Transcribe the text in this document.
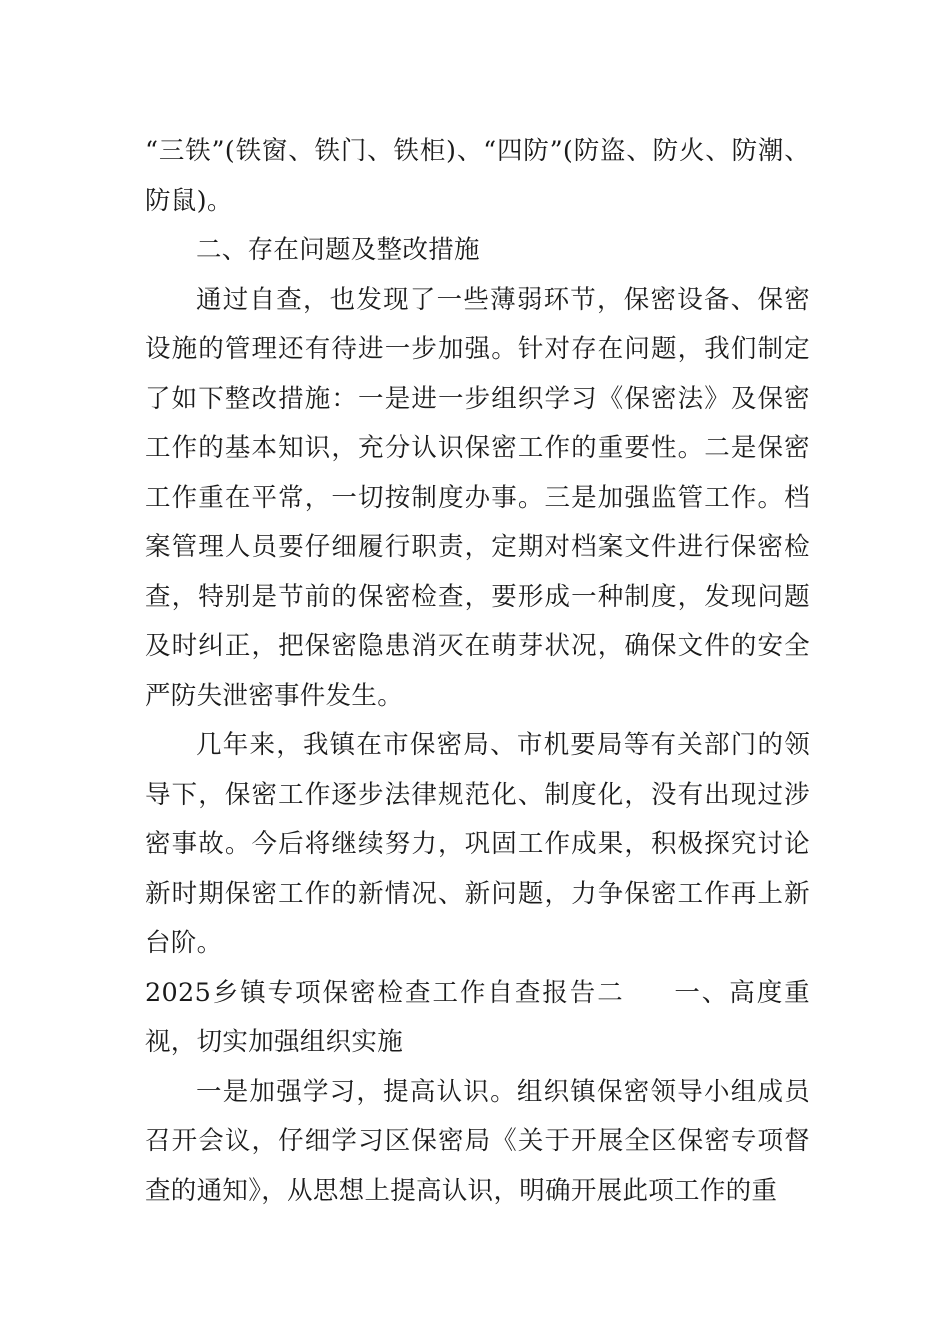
“三铁”(铁窗、铁门、铁柜)、“四防”(防盗、防火、防潮、防鼠)。

二、存在问题及整改措施

通过自查，也发现了一些薄弱环节，保密设备、保密设施的管理还有待进一步加强。针对存在问题，我们制定了如下整改措施：一是进一步组织学习《保密法》及保密工作的基本知识，充分认识保密工作的重要性。二是保密工作重在平常，一切按制度办事。三是加强监管工作。档案管理人员要仔细履行职责，定期对档案文件进行保密检查，特别是节前的保密检查，要形成一种制度，发现问题及时纠正，把保密隐患消灭在萌芽状况，确保文件的安全严防失泄密事件发生。

几年来，我镇在市保密局、市机要局等有关部门的领导下，保密工作逐步法律规范化、制度化，没有出现过涉密事故。今后将继续努力，巩固工作成果，积极探究讨论新时期保密工作的新情况、新问题，力争保密工作再上新台阶。

2025乡镇专项保密检查工作自查报告二 一、高度重视，切实加强组织实施

一是加强学习，提高认识。组织镇保密领导小组成员召开会议，仔细学习区保密局《关于开展全区保密专项督查的通知》，从思想上提高认识，明确开展此项工作的重
